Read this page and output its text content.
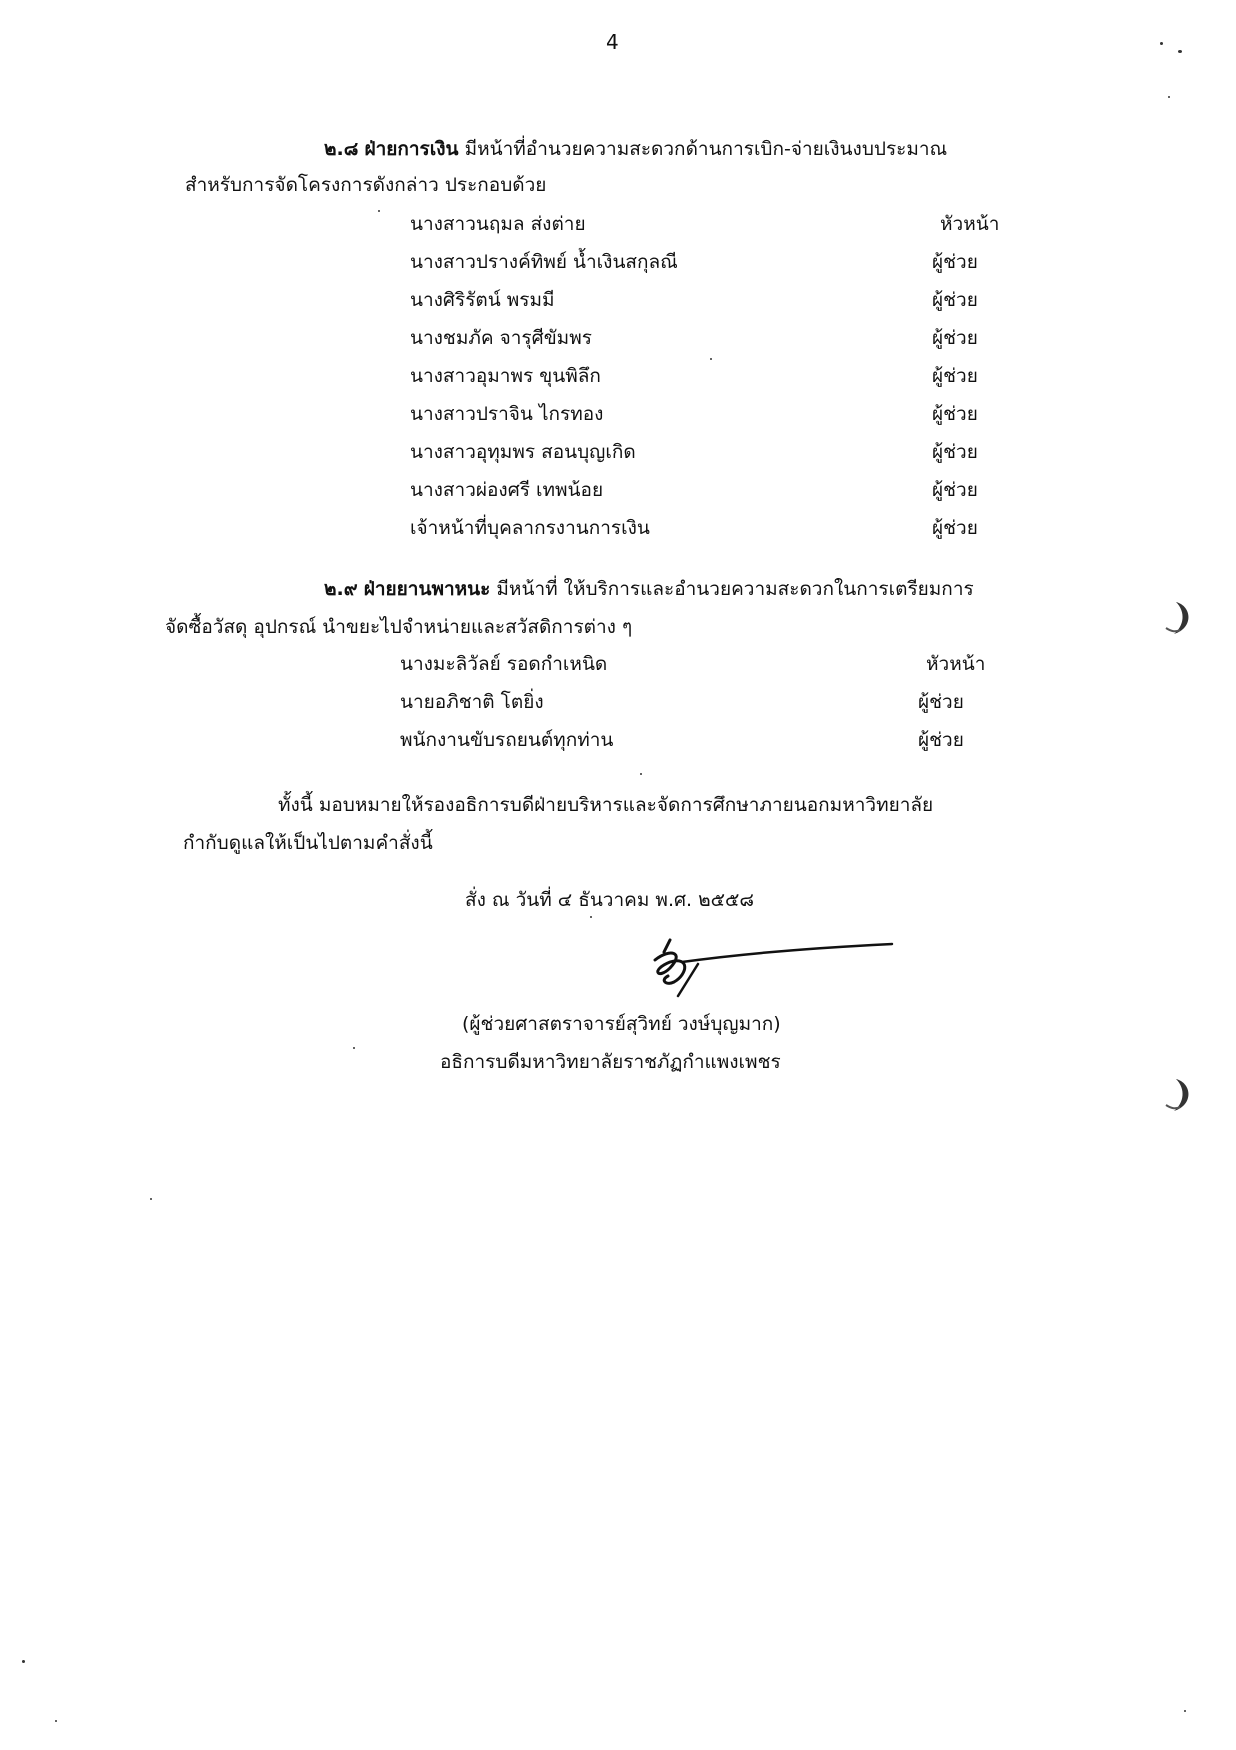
4
๒.๘ ฝ่ายการเงิน มีหน้าที่อำนวยความสะดวกด้านการเบิก-จ่ายเงินงบประมาณ
สำหรับการจัดโครงการดังกล่าว ประกอบด้วย
นางสาวนฤมล ส่งต่าย	หัวหน้า
นางสาวปรางค์ทิพย์ น้ำเงินสกุลณี	ผู้ช่วย
นางศิริรัตน์ พรมมี	ผู้ช่วย
นางชมภัค จารุศีขัมพร	ผู้ช่วย
นางสาวอุมาพร ขุนพิลึก	ผู้ช่วย
นางสาวปราจิน ไกรทอง	ผู้ช่วย
นางสาวอุทุมพร สอนบุญเกิด	ผู้ช่วย
นางสาวผ่องศรี เทพน้อย	ผู้ช่วย
เจ้าหน้าที่บุคลากรงานการเงิน	ผู้ช่วย
๒.๙ ฝ่ายยานพาหนะ มีหน้าที่ ให้บริการและอำนวยความสะดวกในการเตรียมการ
จัดซื้อวัสดุ อุปกรณ์ นำขยะไปจำหน่ายและสวัสดิการต่าง ๆ
นางมะลิวัลย์ รอดกำเหนิด	หัวหน้า
นายอภิชาติ โตยิ่ง	ผู้ช่วย
พนักงานขับรถยนต์ทุกท่าน	ผู้ช่วย
ทั้งนี้ มอบหมายให้รองอธิการบดีฝ่ายบริหารและจัดการศึกษาภายนอกมหาวิทยาลัย
กำกับดูแลให้เป็นไปตามคำสั่งนี้
สั่ง ณ วันที่ ๔ ธันวาคม พ.ศ. ๒๕๕๘
(ผู้ช่วยศาสตราจารย์สุวิทย์ วงษ์บุญมาก)
อธิการบดีมหาวิทยาลัยราชภัฏกำแพงเพชร
